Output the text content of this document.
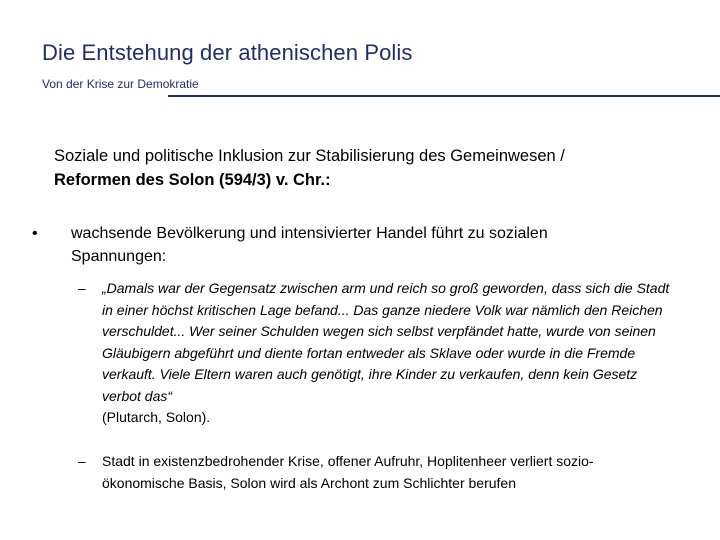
Die Entstehung der athenischen Polis
Von der Krise zur Demokratie
Soziale und politische Inklusion zur Stabilisierung des Gemeinwesen /
Reformen des Solon (594/3) v. Chr.:
• wachsende Bevölkerung und intensivierter Handel führt zu sozialen Spannungen:
– „Damals war der Gegensatz zwischen arm und reich so groß geworden, dass sich die Stadt in einer höchst kritischen Lage befand... Das ganze niedere Volk war nämlich den Reichen verschuldet... Wer seiner Schulden wegen sich selbst verpfändet hatte, wurde von seinen Gläubigern abgeführt und diente fortan entweder als Sklave oder wurde in die Fremde verkauft. Viele Eltern waren auch genötigt, ihre Kinder zu verkaufen, denn kein Gesetz verbot das“
(Plutarch, Solon).
– Stadt in existenzbedrohender Krise, offener Aufruhr, Hoplitenheer verliert sozio-ökonomische Basis, Solon wird als Archont zum Schlichter berufen
